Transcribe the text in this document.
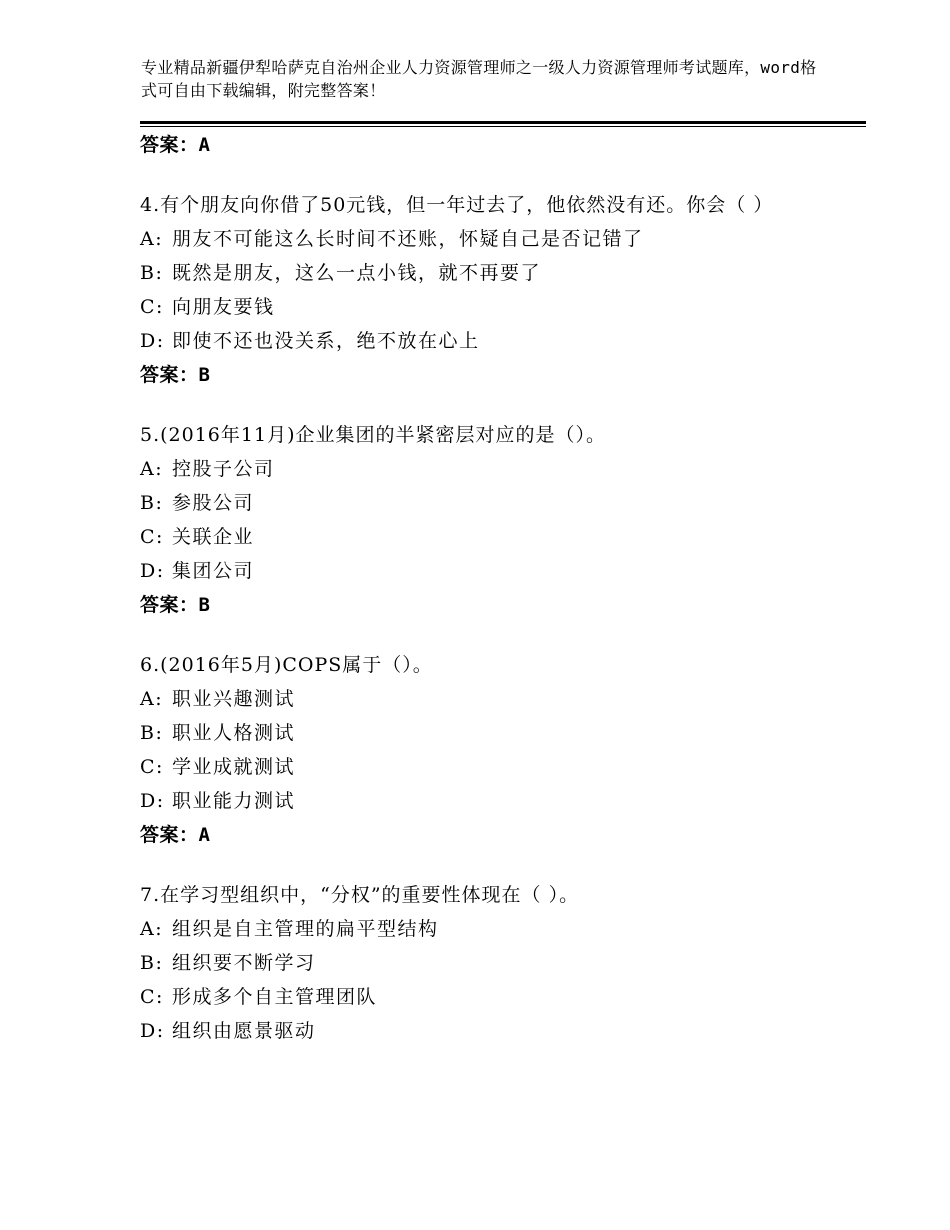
专业精品新疆伊犁哈萨克自治州企业人力资源管理师之一级人力资源管理师考试题库，word格式可自由下载编辑，附完整答案！
答案：A
4.有个朋友向你借了50元钱，但一年过去了，他依然没有还。你会（ ）
A: 朋友不可能这么长时间不还账，怀疑自己是否记错了
B: 既然是朋友，这么一点小钱，就不再要了
C: 向朋友要钱
D: 即使不还也没关系，绝不放在心上
答案：B
5.(2016年11月)企业集团的半紧密层对应的是（）。
A: 控股子公司
B: 参股公司
C: 关联企业
D: 集团公司
答案：B
6.(2016年5月)COPS属于（）。
A: 职业兴趣测试
B: 职业人格测试
C: 学业成就测试
D: 职业能力测试
答案：A
7.在学习型组织中，“分权”的重要性体现在（ ）。
A: 组织是自主管理的扁平型结构
B: 组织要不断学习
C: 形成多个自主管理团队
D: 组织由愿景驱动
